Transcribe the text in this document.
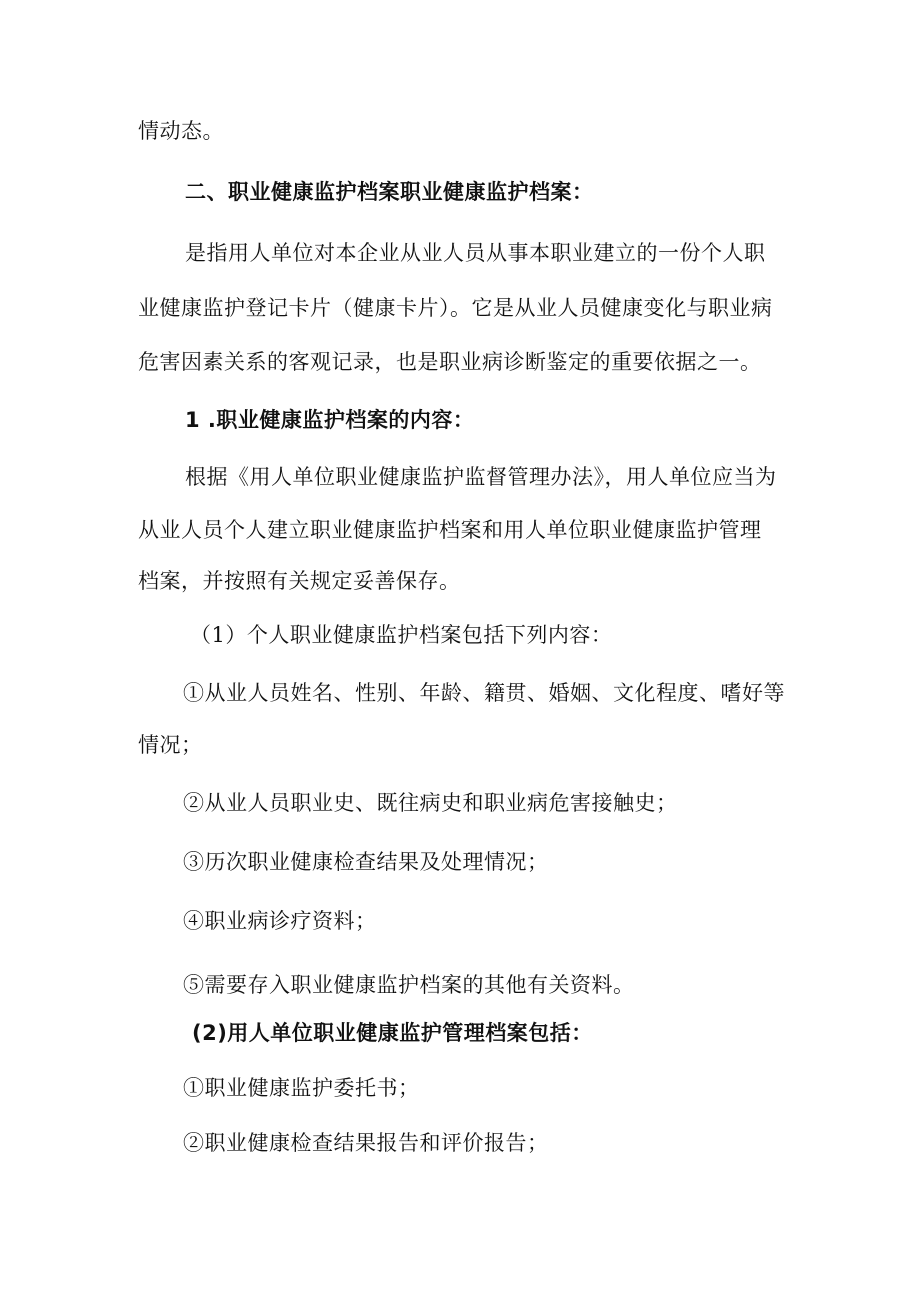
情动态。

二、职业健康监护档案职业健康监护档案：

是指用人单位对本企业从业人员从事本职业建立的一份个人职

业健康监护登记卡片（健康卡片）。它是从业人员健康变化与职业病

危害因素关系的客观记录，也是职业病诊断鉴定的重要依据之一。

1 .职业健康监护档案的内容：

根据《用人单位职业健康监护监督管理办法》，用人单位应当为

从业人员个人建立职业健康监护档案和用人单位职业健康监护管理

档案，并按照有关规定妥善保存。

（1）个人职业健康监护档案包括下列内容：

①从业人员姓名、性别、年龄、籍贯、婚姻、文化程度、嗜好等

情况；

②从业人员职业史、既往病史和职业病危害接触史；

③历次职业健康检查结果及处理情况；

④职业病诊疗资料；

⑤需要存入职业健康监护档案的其他有关资料。

(2)用人单位职业健康监护管理档案包括：

①职业健康监护委托书；

②职业健康检查结果报告和评价报告；
